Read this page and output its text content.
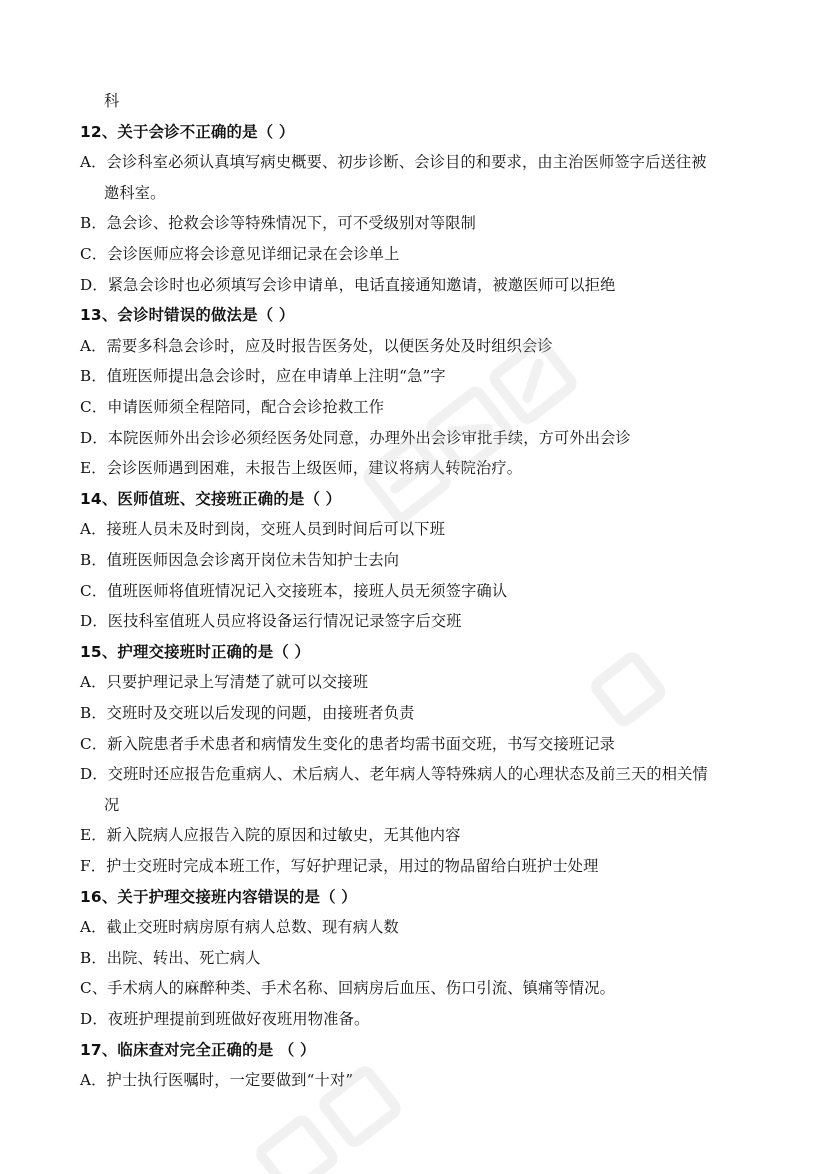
科
12、关于会诊不正确的是（ ）
A．会诊科室必须认真填写病史概要、初步诊断、会诊目的和要求，由主治医师签字后送往被
邀科室。
B．急会诊、抢救会诊等特殊情况下，可不受级别对等限制
C．会诊医师应将会诊意见详细记录在会诊单上
D．紧急会诊时也必须填写会诊申请单，电话直接通知邀请，被邀医师可以拒绝
13、会诊时错误的做法是（ ）
A．需要多科急会诊时，应及时报告医务处，以便医务处及时组织会诊
B．值班医师提出急会诊时，应在申请单上注明“急”字
C．申请医师须全程陪同，配合会诊抢救工作
D．本院医师外出会诊必须经医务处同意，办理外出会诊审批手续，方可外出会诊
E．会诊医师遇到困难，未报告上级医师，建议将病人转院治疗。
14、医师值班、交接班正确的是（ ）
A．接班人员未及时到岗，交班人员到时间后可以下班
B．值班医师因急会诊离开岗位未告知护士去向
C．值班医师将值班情况记入交接班本，接班人员无须签字确认
D．医技科室值班人员应将设备运行情况记录签字后交班
15、护理交接班时正确的是（ ）
A．只要护理记录上写清楚了就可以交接班
B．交班时及交班以后发现的问题，由接班者负责
C．新入院患者手术患者和病情发生变化的患者均需书面交班，书写交接班记录
D．交班时还应报告危重病人、术后病人、老年病人等特殊病人的心理状态及前三天的相关情
况
E．新入院病人应报告入院的原因和过敏史，无其他内容
F．护士交班时完成本班工作，写好护理记录，用过的物品留给白班护士处理
16、关于护理交接班内容错误的是（ ）
A．截止交班时病房原有病人总数、现有病人数
B．出院、转出、死亡病人
C、手术病人的麻醉种类、手术名称、回病房后血压、伤口引流、镇痛等情况。
D．夜班护理提前到班做好夜班用物准备。
17、临床查对完全正确的是 （ ）
A．护士执行医嘱时，一定要做到“十对”
